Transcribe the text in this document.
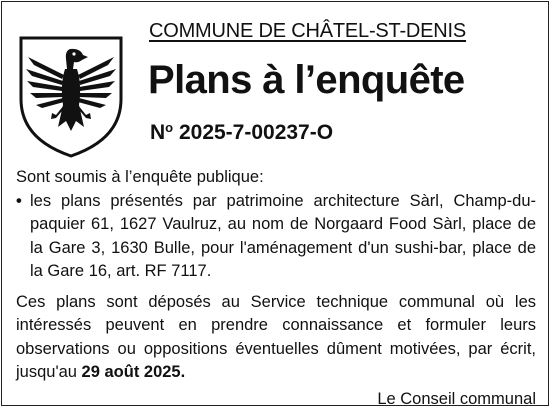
COMMUNE DE CHÂTEL-ST-DENIS
Plans à l’enquête
$N^o$ 2025-7-00237-O

Sont soumis à l’enquête publique:

• les plans présentés par patrimoine architecture Sàrl, Champ-du-paquier 61, 1627 Vaulruz, au nom de Norgaard Food Sàrl, place de la Gare 3, 1630 Bulle, pour l'aménagement d'un sushi-bar, place de la Gare 16, art. RF 7117.

Ces plans sont déposés au Service technique communal où les intéressés peuvent en prendre connaissance et formuler leurs observations ou oppositions éventuelles dûment motivées, par écrit, jusqu'au 29 août 2025.

Le Conseil communal
